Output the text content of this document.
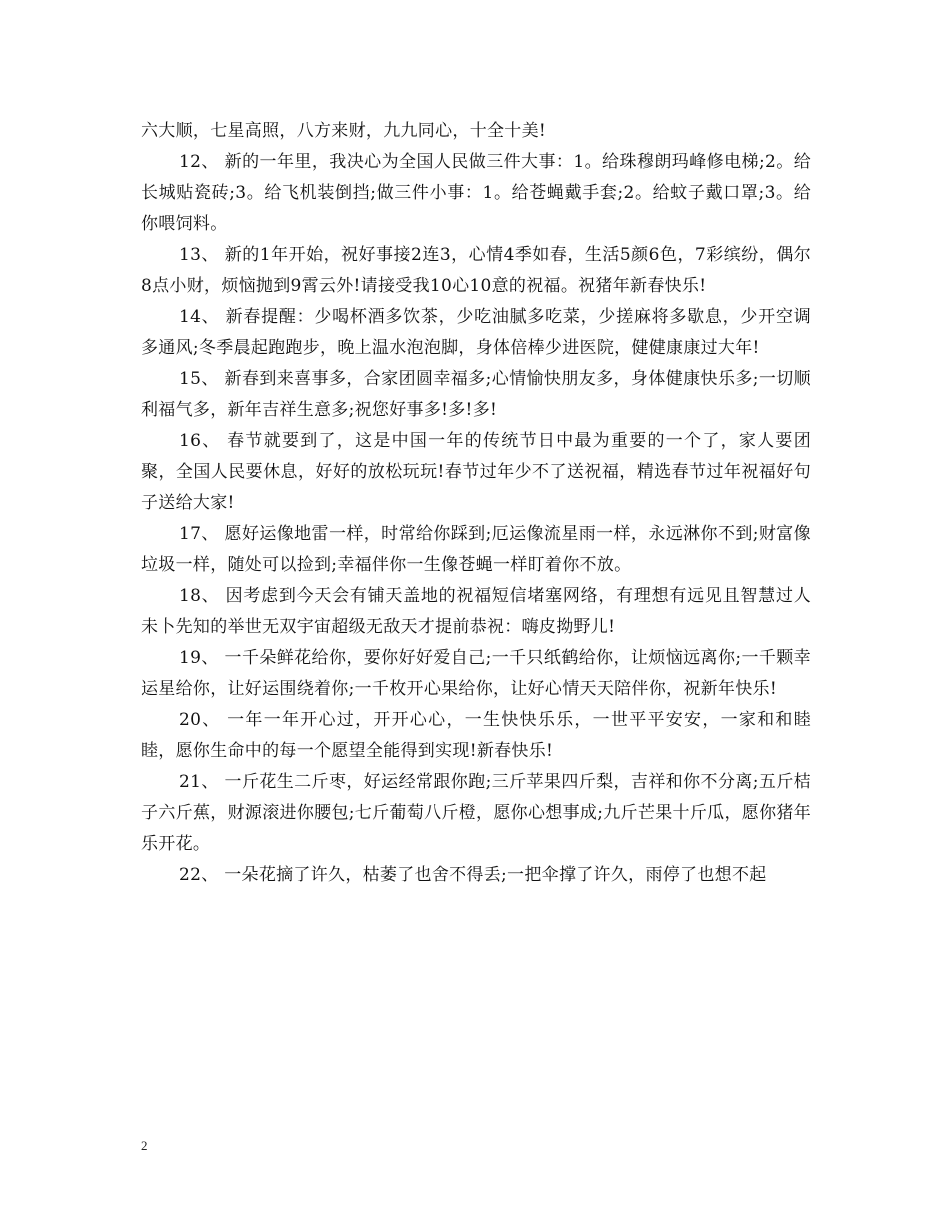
六大顺，七星高照，八方来财，九九同心，十全十美!

12、 新的一年里，我决心为全国人民做三件大事：1。给珠穆朗玛峰修电梯;2。给长城贴瓷砖;3。给飞机装倒挡;做三件小事：1。给苍蝇戴手套;2。给蚊子戴口罩;3。给你喂饲料。

13、 新的1年开始，祝好事接2连3，心情4季如春，生活5颜6色，7彩缤纷，偶尔8点小财，烦恼抛到9霄云外!请接受我10心10意的祝福。祝猪年新春快乐!

14、 新春提醒：少喝杯酒多饮茶，少吃油腻多吃菜，少搓麻将多歇息，少开空调多通风;冬季晨起跑跑步，晚上温水泡泡脚，身体倍棒少进医院，健健康康过大年!

15、 新春到来喜事多，合家团圆幸福多;心情愉快朋友多，身体健康快乐多;一切顺利福气多，新年吉祥生意多;祝您好事多!多!多!

16、 春节就要到了，这是中国一年的传统节日中最为重要的一个了，家人要团聚，全国人民要休息，好好的放松玩玩!春节过年少不了送祝福，精选春节过年祝福好句子送给大家!

17、 愿好运像地雷一样，时常给你踩到;厄运像流星雨一样，永远淋你不到;财富像垃圾一样，随处可以捡到;幸福伴你一生像苍蝇一样盯着你不放。

18、 因考虑到今天会有铺天盖地的祝福短信堵塞网络，有理想有远见且智慧过人未卜先知的举世无双宇宙超级无敌天才提前恭祝：嗨皮拗野儿!

19、 一千朵鲜花给你，要你好好爱自己;一千只纸鹤给你，让烦恼远离你;一千颗幸运星给你，让好运围绕着你;一千枚开心果给你，让好心情天天陪伴你，祝新年快乐!

20、 一年一年开心过，开开心心，一生快快乐乐，一世平平安安，一家和和睦睦，愿你生命中的每一个愿望全能得到实现!新春快乐!

21、 一斤花生二斤枣，好运经常跟你跑;三斤苹果四斤梨，吉祥和你不分离;五斤桔子六斤蕉，财源滚进你腰包;七斤葡萄八斤橙，愿你心想事成;九斤芒果十斤瓜，愿你猪年乐开花。

22、 一朵花摘了许久，枯萎了也舍不得丢;一把伞撑了许久，雨停了也想不起

2
